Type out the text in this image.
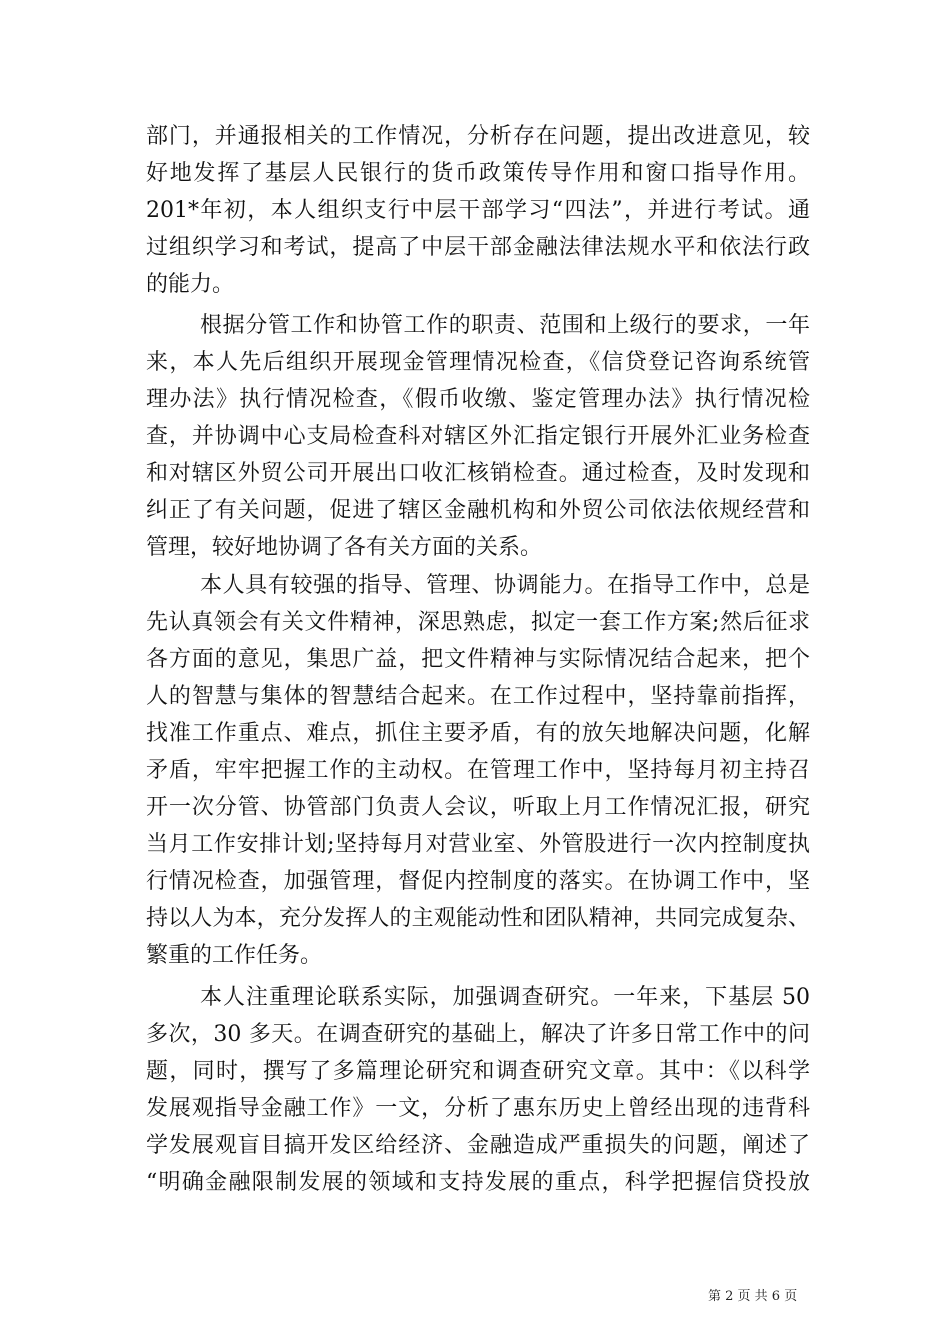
部门，并通报相关的工作情况，分析存在问题，提出改进意见，较
好地发挥了基层人民银行的货币政策传导作用和窗口指导作用。
201*年初，本人组织支行中层干部学习“四法”，并进行考试。通
过组织学习和考试，提高了中层干部金融法律法规水平和依法行政
的能力。
根据分管工作和协管工作的职责、范围和上级行的要求，一年
来，本人先后组织开展现金管理情况检查，《信贷登记咨询系统管
理办法》执行情况检查，《假币收缴、鉴定管理办法》执行情况检
查，并协调中心支局检查科对辖区外汇指定银行开展外汇业务检查
和对辖区外贸公司开展出口收汇核销检查。通过检查，及时发现和
纠正了有关问题，促进了辖区金融机构和外贸公司依法依规经营和
管理，较好地协调了各有关方面的关系。
本人具有较强的指导、管理、协调能力。在指导工作中，总是
先认真领会有关文件精神，深思熟虑，拟定一套工作方案;然后征求
各方面的意见，集思广益，把文件精神与实际情况结合起来，把个
人的智慧与集体的智慧结合起来。在工作过程中，坚持靠前指挥，
找准工作重点、难点，抓住主要矛盾，有的放矢地解决问题，化解
矛盾，牢牢把握工作的主动权。在管理工作中，坚持每月初主持召
开一次分管、协管部门负责人会议，听取上月工作情况汇报，研究
当月工作安排计划;坚持每月对营业室、外管股进行一次内控制度执
行情况检查，加强管理，督促内控制度的落实。在协调工作中，坚
持以人为本，充分发挥人的主观能动性和团队精神，共同完成复杂、
繁重的工作任务。
本人注重理论联系实际，加强调查研究。一年来，下基层 50
多次，30 多天。在调查研究的基础上，解决了许多日常工作中的问
题，同时，撰写了多篇理论研究和调查研究文章。其中：《以科学
发展观指导金融工作》一文，分析了惠东历史上曾经出现的违背科
学发展观盲目搞开发区给经济、金融造成严重损失的问题，阐述了
“明确金融限制发展的领域和支持发展的重点，科学把握信贷投放
第 2 页 共 6 页
